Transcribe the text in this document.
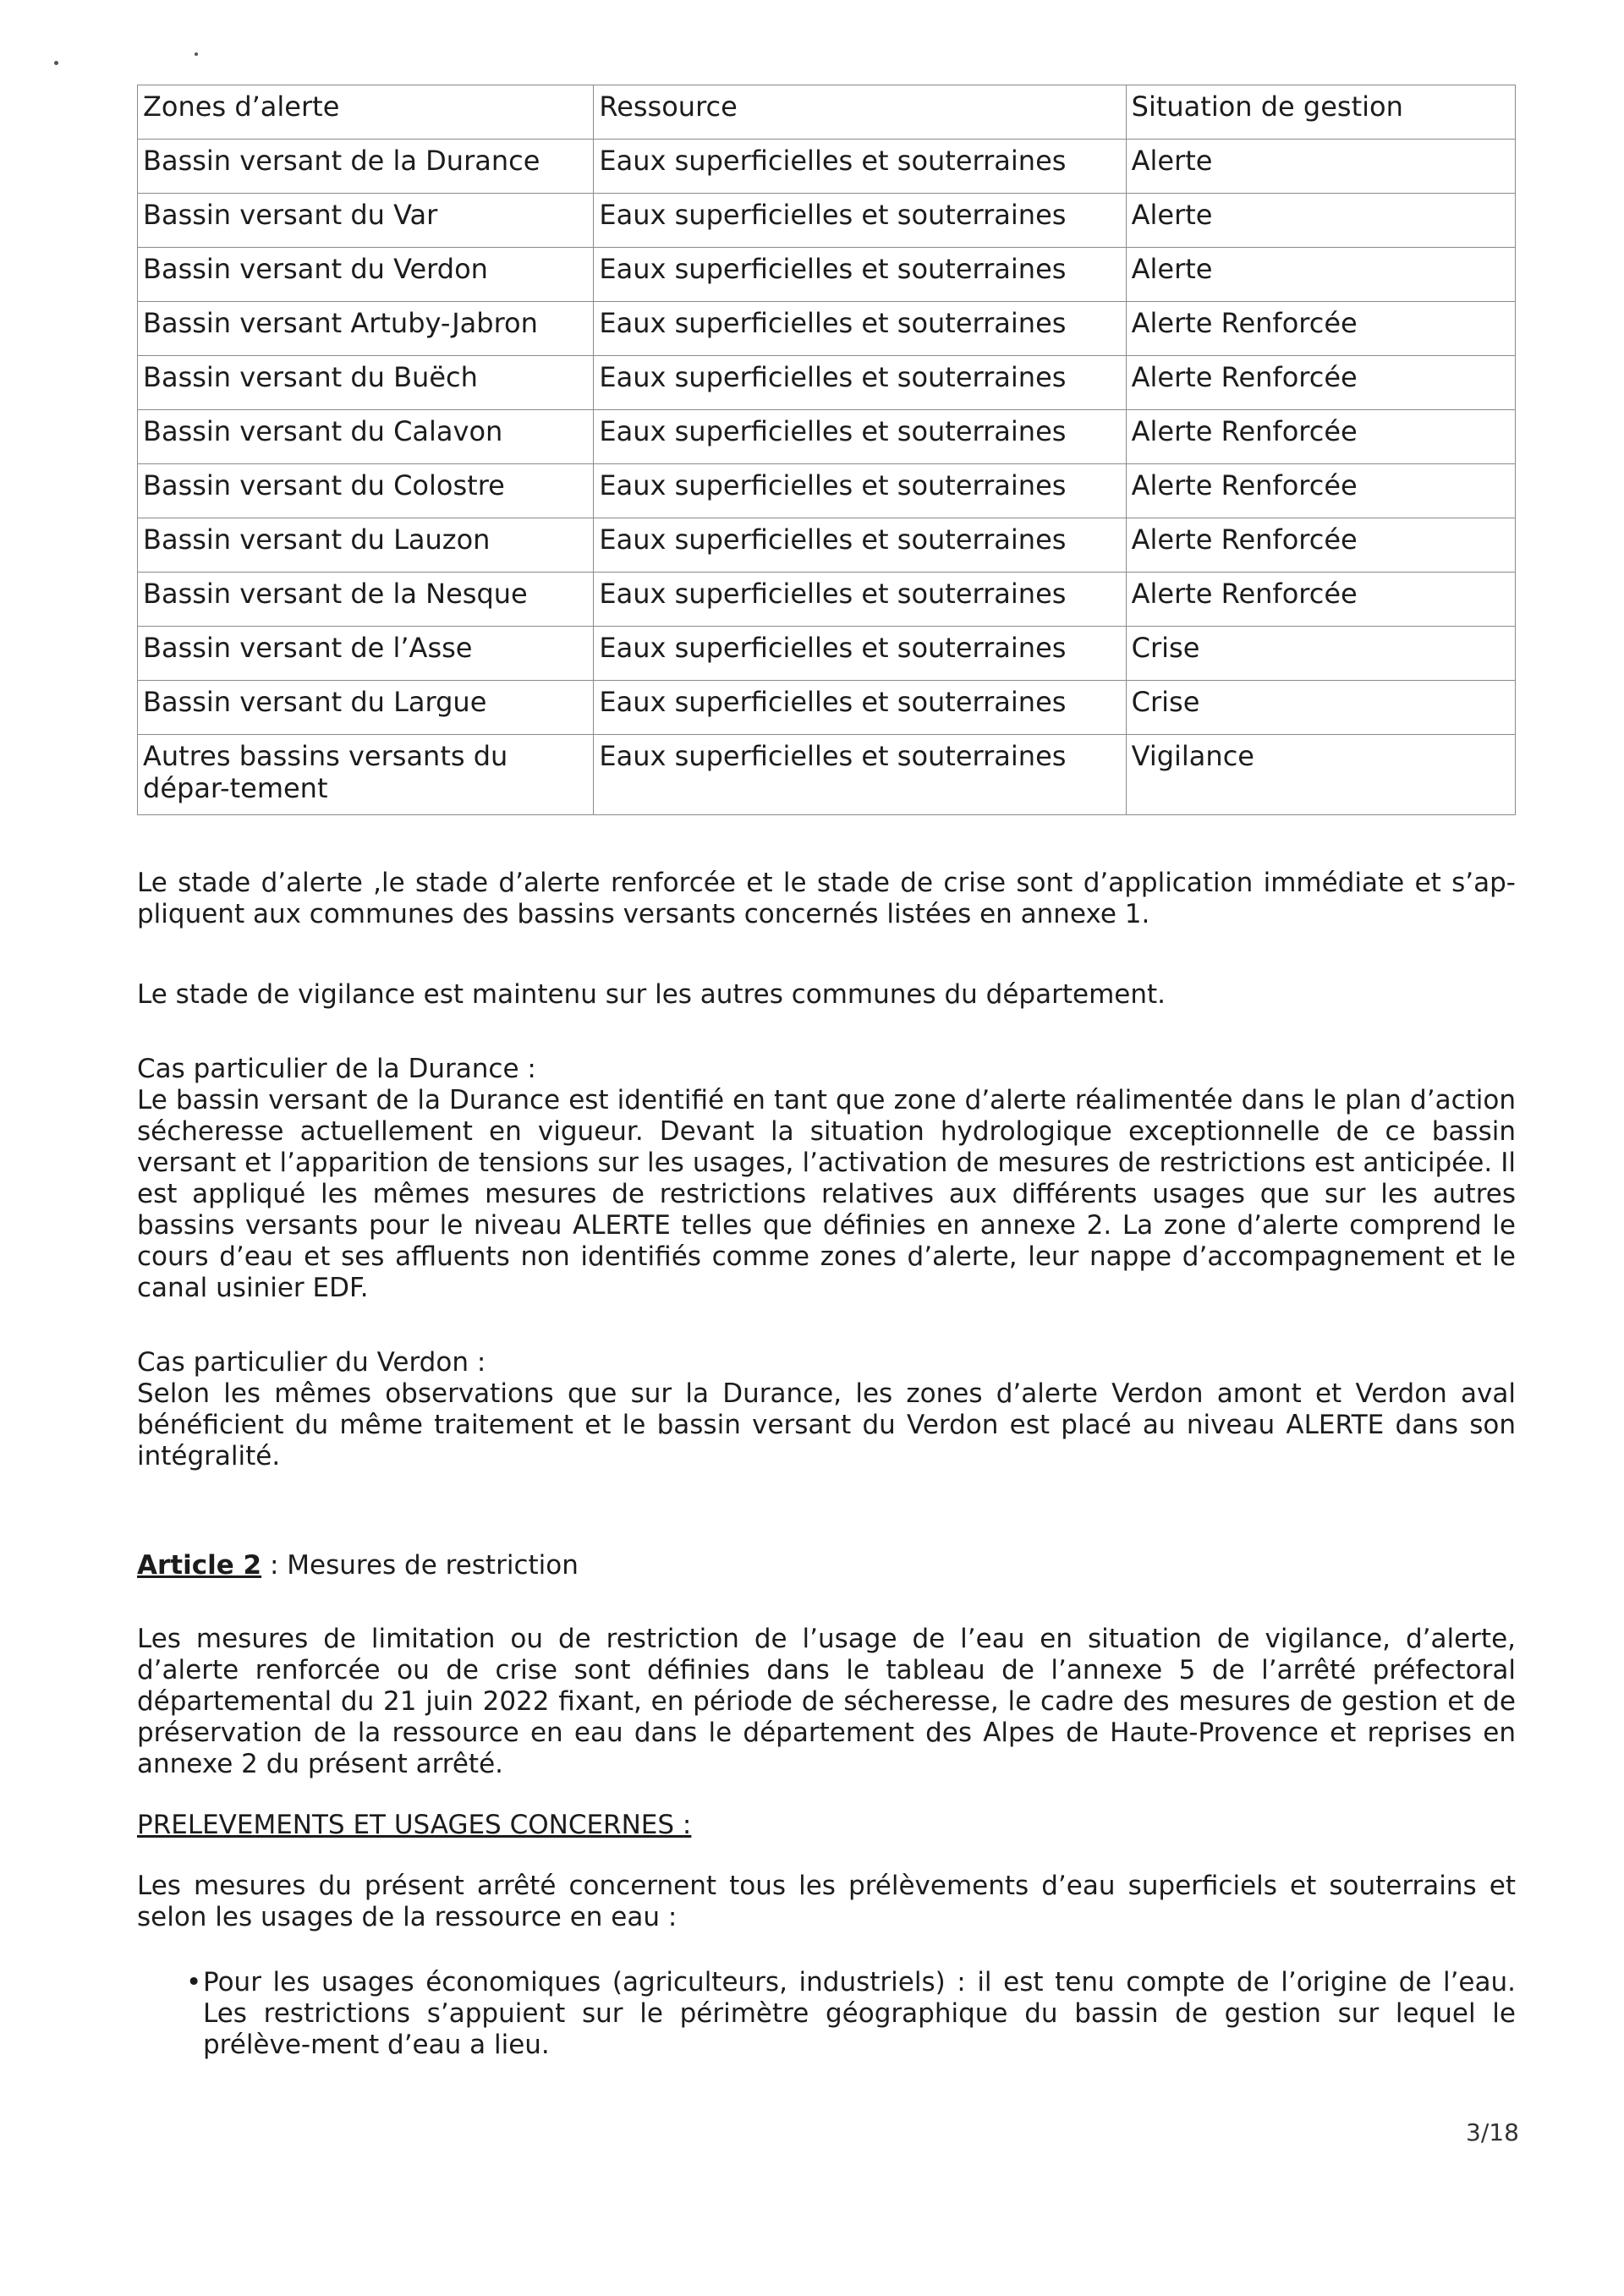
Zones d’alerte	Ressource	Situation de gestion
Bassin versant de la Durance	Eaux superficielles et souterraines	Alerte
Bassin versant du Var	Eaux superficielles et souterraines	Alerte
Bassin versant du Verdon	Eaux superficielles et souterraines	Alerte
Bassin versant Artuby-Jabron	Eaux superficielles et souterraines	Alerte Renforcée
Bassin versant du Buëch	Eaux superficielles et souterraines	Alerte Renforcée
Bassin versant du Calavon	Eaux superficielles et souterraines	Alerte Renforcée
Bassin versant du Colostre	Eaux superficielles et souterraines	Alerte Renforcée
Bassin versant du Lauzon	Eaux superficielles et souterraines	Alerte Renforcée
Bassin versant de la Nesque	Eaux superficielles et souterraines	Alerte Renforcée
Bassin versant de l’Asse	Eaux superficielles et souterraines	Crise
Bassin versant du Largue	Eaux superficielles et souterraines	Crise
Autres bassins versants du dépar-tement	Eaux superficielles et souterraines	Vigilance

Le stade d’alerte ,le stade d’alerte renforcée et le stade de crise sont d’application immédiate et s’ap-pliquent aux communes des bassins versants concernés listées en annexe 1.

Le stade de vigilance est maintenu sur les autres communes du département.

Cas particulier de la Durance :

Le bassin versant de la Durance est identifié en tant que zone d’alerte réalimentée dans le plan d’action sécheresse actuellement en vigueur. Devant la situation hydrologique exceptionnelle de ce bassin versant et l’apparition de tensions sur les usages, l’activation de mesures de restrictions est anticipée. Il est appliqué les mêmes mesures de restrictions relatives aux différents usages que sur les autres bassins versants pour le niveau ALERTE telles que définies en annexe 2. La zone d’alerte comprend le cours d’eau et ses affluents non identifiés comme zones d’alerte, leur nappe d’accompagnement et le canal usinier EDF.

Cas particulier du Verdon :

Selon les mêmes observations que sur la Durance, les zones d’alerte Verdon amont et Verdon aval bénéficient du même traitement et le bassin versant du Verdon est placé au niveau ALERTE dans son intégralité.

Article 2 : Mesures de restriction

Les mesures de limitation ou de restriction de l’usage de l’eau en situation de vigilance, d’alerte, d’alerte renforcée ou de crise sont définies dans le tableau de l’annexe 5 de l’arrêté préfectoral départemental du 21 juin 2022 fixant, en période de sécheresse, le cadre des mesures de gestion et de préservation de la ressource en eau dans le département des Alpes de Haute-Provence et reprises en annexe 2 du présent arrêté.

PRELEVEMENTS ET USAGES CONCERNES :

Les mesures du présent arrêté concernent tous les prélèvements d’eau superficiels et souterrains et selon les usages de la ressource en eau :

• Pour les usages économiques (agriculteurs, industriels) : il est tenu compte de l’origine de l’eau. Les restrictions s’appuient sur le périmètre géographique du bassin de gestion sur lequel le prélève-ment d’eau a lieu.
3/18
